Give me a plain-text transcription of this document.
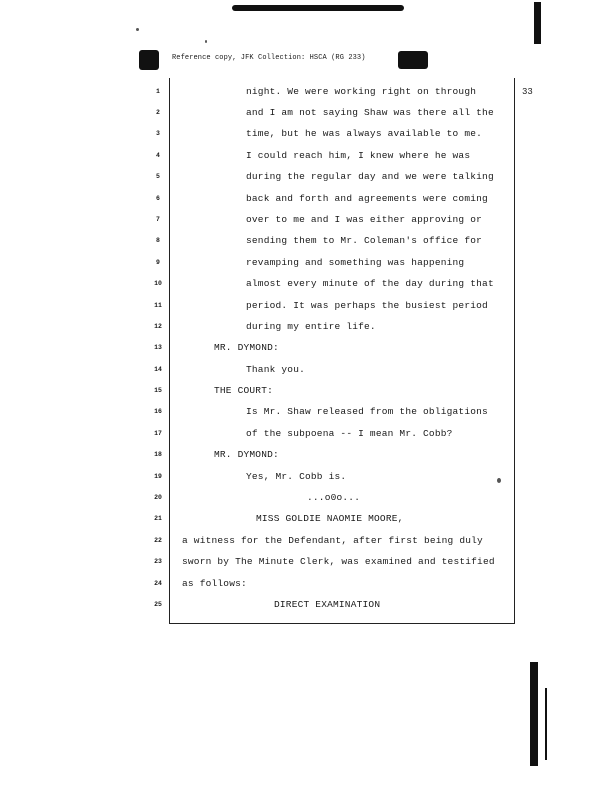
Reference copy, JFK Collection: HSCA (RG 233)
33
1
2
3
4
5
6
7
8
9
10
11
12
13
14
15
16
17
18
19
20
21
22
23
24
25
night. We were working right on through
and I am not saying Shaw was there all the
time, but he was always available to me.
I could reach him, I knew where he was
during the regular day and we were talking
back and forth and agreements were coming
over to me and I was either approving or
sending them to Mr. Coleman's office for
revamping and something was happening
almost every minute of the day during that
period. It was perhaps the busiest period
during my entire life.
MR. DYMOND:
Thank you.
THE COURT:
Is Mr. Shaw released from the obligations
of the subpoena -- I mean Mr. Cobb?
MR. DYMOND:
Yes, Mr. Cobb is.
...o0o...
MISS GOLDIE NAOMIE MOORE,
a witness for the Defendant, after first being duly
sworn by The Minute Clerk, was examined and testified
as follows:
DIRECT EXAMINATION
